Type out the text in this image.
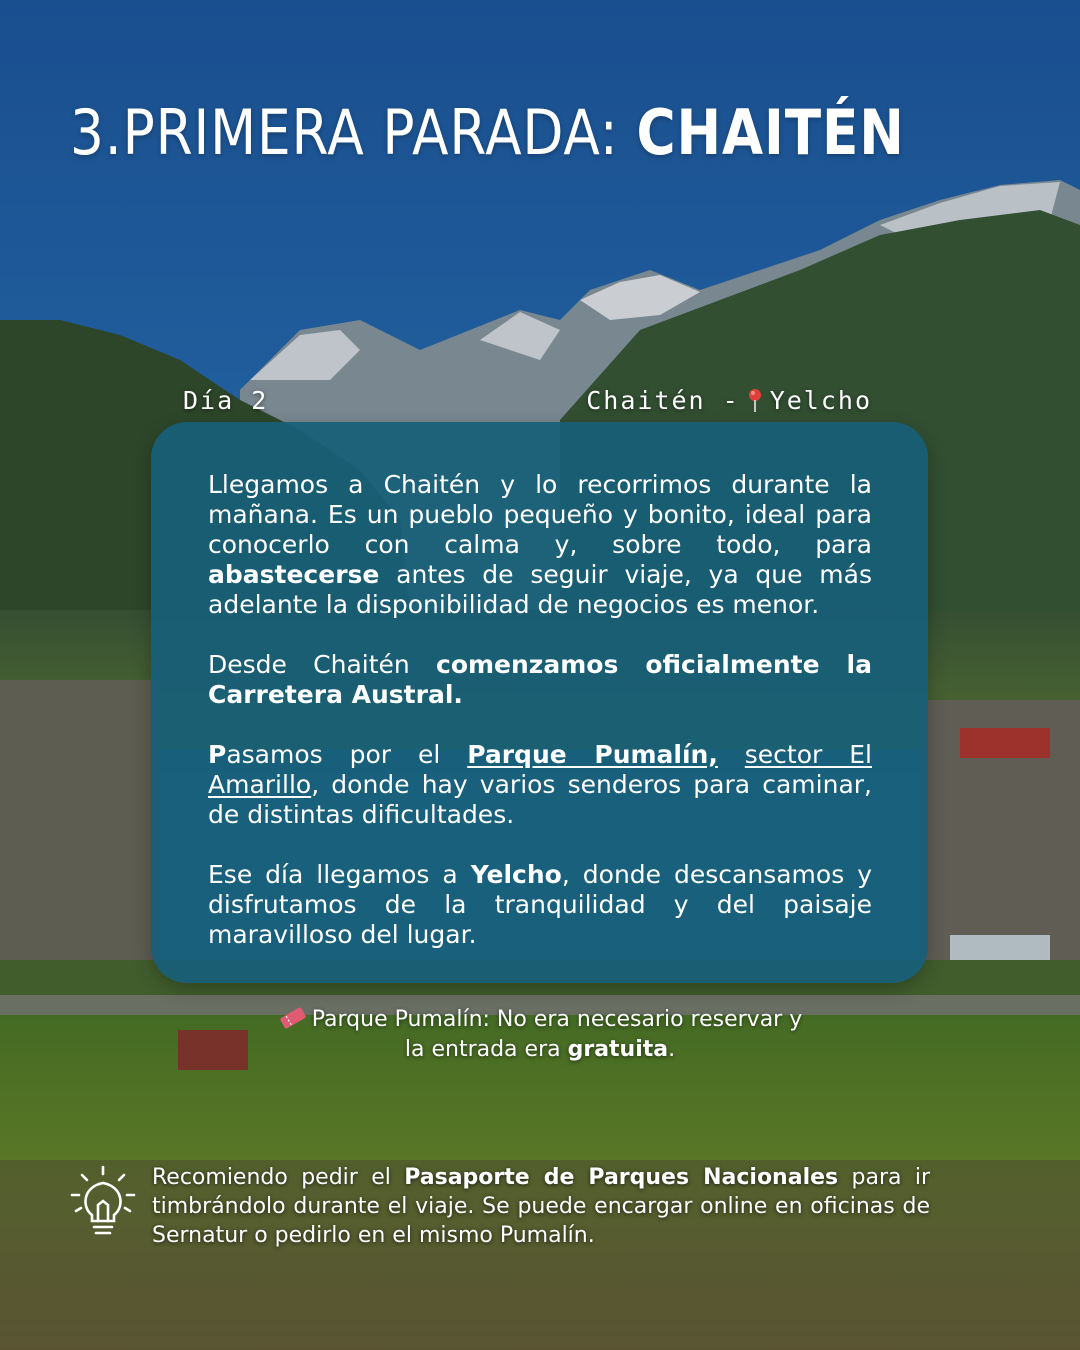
3.PRIMERA PARADA: CHAITÉN
Día 2	Chaitén - Yelcho

Llegamos a Chaitén y lo recorrimos durante la mañana. Es un pueblo pequeño y bonito, ideal para conocerlo con calma y, sobre todo, para abastecerse antes de seguir viaje, ya que más adelante la disponibilidad de negocios es menor.

Desde Chaitén comenzamos oficialmente la Carretera Austral.

Pasamos por el Parque Pumalín, sector El Amarillo, donde hay varios senderos para caminar, de distintas dificultades.

Ese día llegamos a Yelcho, donde descansamos y disfrutamos de la tranquilidad y del paisaje maravilloso del lugar.

Parque Pumalín: No era necesario reservar y
la entrada era gratuita.
Recomiendo pedir el Pasaporte de Parques Nacionales para ir timbrándolo durante el viaje. Se puede encargar online en oficinas de Sernatur o pedirlo en el mismo Pumalín.
